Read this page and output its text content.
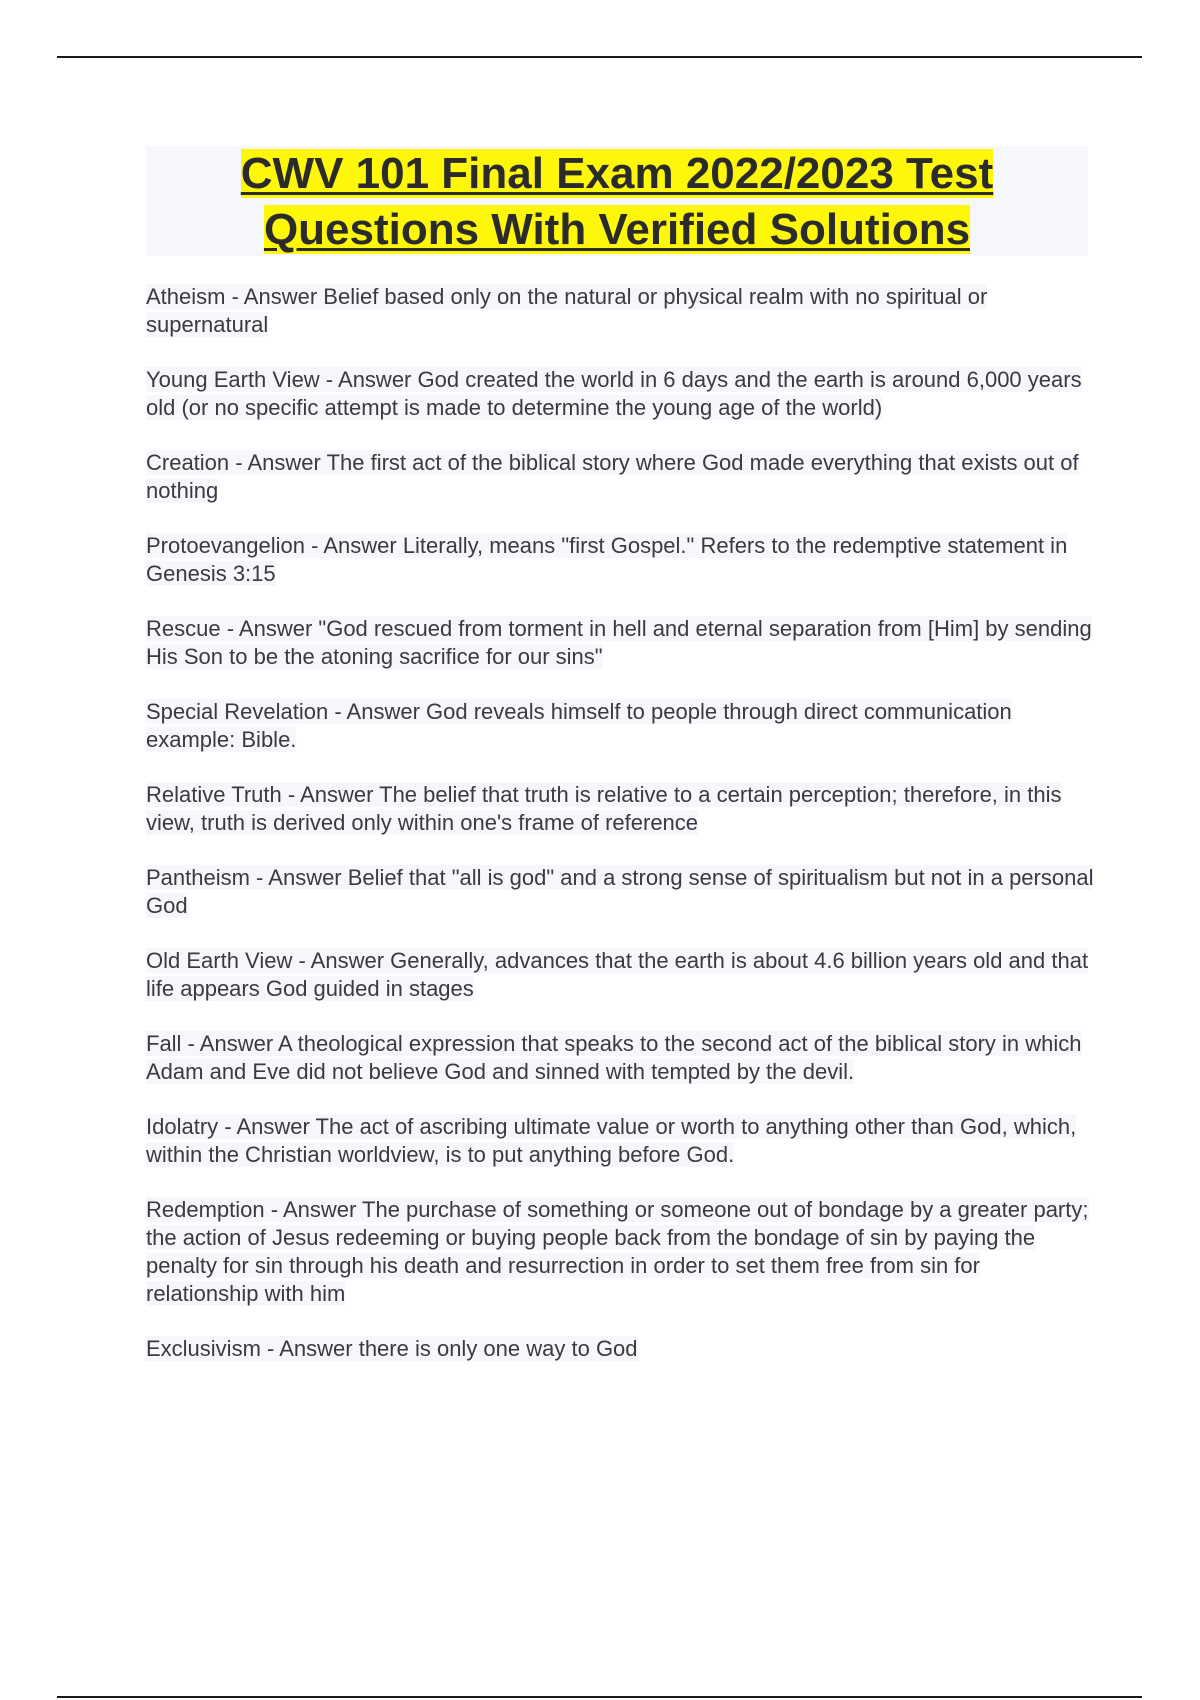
CWV 101 Final Exam 2022/2023 Test
Questions With Verified Solutions

Atheism - Answer Belief based only on the natural or physical realm with no spiritual or supernatural

Young Earth View - Answer God created the world in 6 days and the earth is around 6,000 years old (or no specific attempt is made to determine the young age of the world)

Creation - Answer The first act of the biblical story where God made everything that exists out of nothing

Protoevangelion - Answer Literally, means "first Gospel." Refers to the redemptive statement in Genesis 3:15

Rescue - Answer "God rescued from torment in hell and eternal separation from [Him] by sending His Son to be the atoning sacrifice for our sins"

Special Revelation - Answer God reveals himself to people through direct communication example: Bible.

Relative Truth - Answer The belief that truth is relative to a certain perception; therefore, in this view, truth is derived only within one's frame of reference

Pantheism - Answer Belief that "all is god" and a strong sense of spiritualism but not in a personal God

Old Earth View - Answer Generally, advances that the earth is about 4.6 billion years old and that life appears God guided in stages

Fall - Answer A theological expression that speaks to the second act of the biblical story in which Adam and Eve did not believe God and sinned with tempted by the devil.

Idolatry - Answer The act of ascribing ultimate value or worth to anything other than God, which, within the Christian worldview, is to put anything before God.

Redemption - Answer The purchase of something or someone out of bondage by a greater party; the action of Jesus redeeming or buying people back from the bondage of sin by paying the penalty for sin through his death and resurrection in order to set them free from sin for relationship with him

Exclusivism - Answer there is only one way to God
